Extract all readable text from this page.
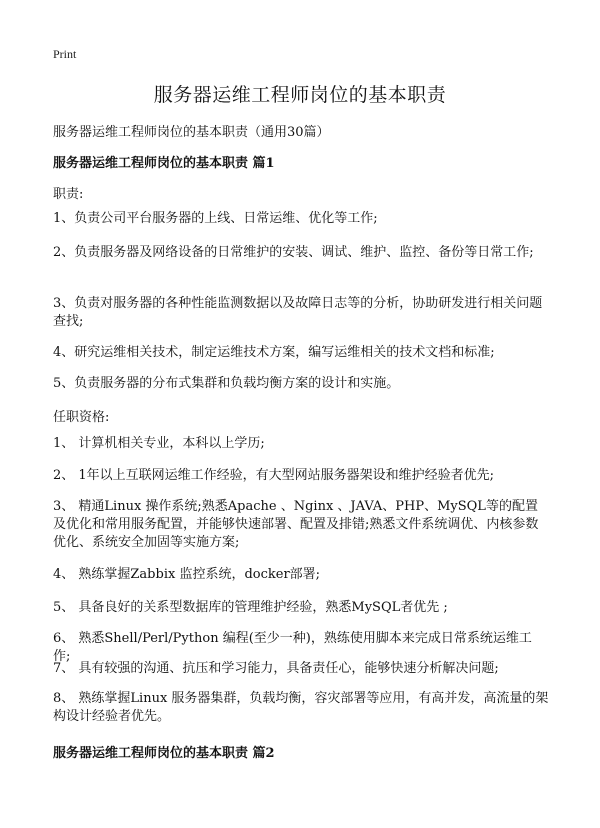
Print
服务器运维工程师岗位的基本职责
服务器运维工程师岗位的基本职责（通用30篇）
服务器运维工程师岗位的基本职责 篇1
职责:
1、负责公司平台服务器的上线、日常运维、优化等工作;
2、负责服务器及网络设备的日常维护的安装、调试、维护、监控、备份等日常工作;
3、负责对服务器的各种性能监测数据以及故障日志等的分析，协助研发进行相关问题查找;
4、研究运维相关技术，制定运维技术方案，编写运维相关的技术文档和标准;
5、负责服务器的分布式集群和负载均衡方案的设计和实施。
任职资格:
1、 计算机相关专业，本科以上学历;
2、 1年以上互联网运维工作经验，有大型网站服务器架设和维护经验者优先;
3、 精通Linux 操作系统;熟悉Apache 、Nginx 、JAVA、PHP、MySQL等的配置及优化和常用服务配置，并能够快速部署、配置及排错;熟悉文件系统调优、内核参数优化、系统安全加固等实施方案;
4、 熟练掌握Zabbix 监控系统，docker部署;
5、 具备良好的关系型数据库的管理维护经验，熟悉MySQL者优先 ;
6、 熟悉Shell/Perl/Python 编程(至少一种)，熟练使用脚本来完成日常系统运维工作;
7、 具有较强的沟通、抗压和学习能力，具备责任心，能够快速分析解决问题;
8、 熟练掌握Linux 服务器集群，负载均衡，容灾部署等应用，有高并发，高流量的架构设计经验者优先。
服务器运维工程师岗位的基本职责 篇2
